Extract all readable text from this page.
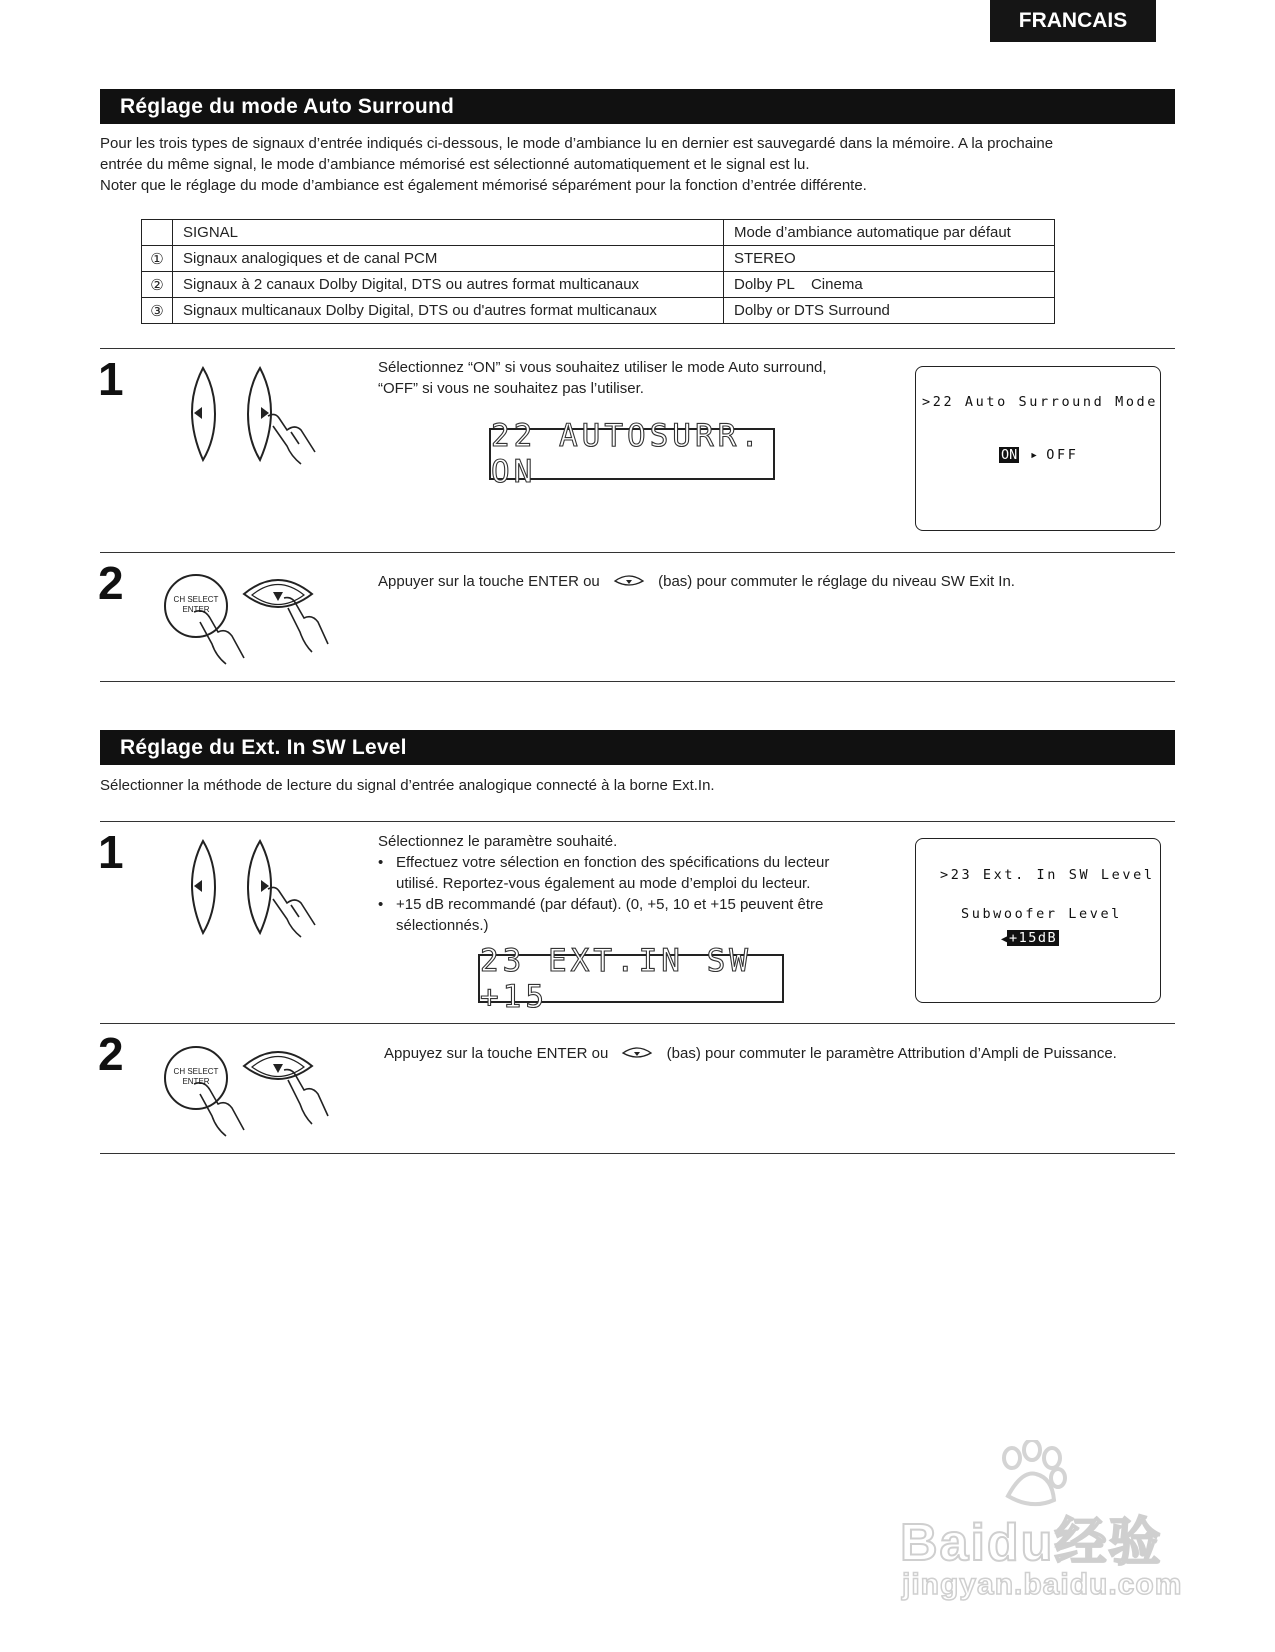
FRANCAIS
Réglage du mode Auto Surround
Pour les trois types de signaux d’entrée indiqués ci-dessous, le mode d’ambiance lu en dernier est sauvegardé dans la mémoire. A la prochaine
entrée du même signal, le mode d’ambiance mémorisé est sélectionné automatiquement et le signal est lu.
Noter que le réglage du mode d’ambiance est également mémorisé séparément pour la fonction d’entrée différente.
	SIGNAL	Mode d’ambiance automatique par défaut
①	Signaux analogiques et de canal PCM	STEREO
②	Signaux à 2 canaux Dolby Digital, DTS ou autres format multicanaux	Dolby PL    Cinema
③	Signaux multicanaux Dolby Digital, DTS ou d'autres format multicanaux	Dolby or DTS Surround
1	Sélectionnez “ON” si vous souhaitez utiliser le mode Auto surround,
“OFF” si vous ne souhaitez pas l’utiliser.
22 AUTOSURR. ON
>22 Auto Surround Mode
ON ▸ OFF
2	CH SELECT
ENTER
Appuyer sur la touche ENTER ou	(bas) pour commuter le réglage du niveau SW Exit In.
Réglage du Ext. In SW Level
Sélectionner la méthode de lecture du signal d’entrée analogique connecté à la borne Ext.In.
1	Sélectionnez le paramètre souhaité.
• Effectuez votre sélection en fonction des spécifications du lecteur
utilisé. Reportez-vous également au mode d’emploi du lecteur.
• +15 dB recommandé (par défaut). (0, +5, 10 et +15 peuvent être
sélectionnés.)
23 EXT.IN SW +15
>23 Ext. In SW Level
Subwoofer Level
◀ +15dB
2	CH SELECT
ENTER
Appuyez sur la touche ENTER ou	(bas) pour commuter le paramètre Attribution d’Ampli de Puissance.
Baidu经验
jingyan.baidu.com
